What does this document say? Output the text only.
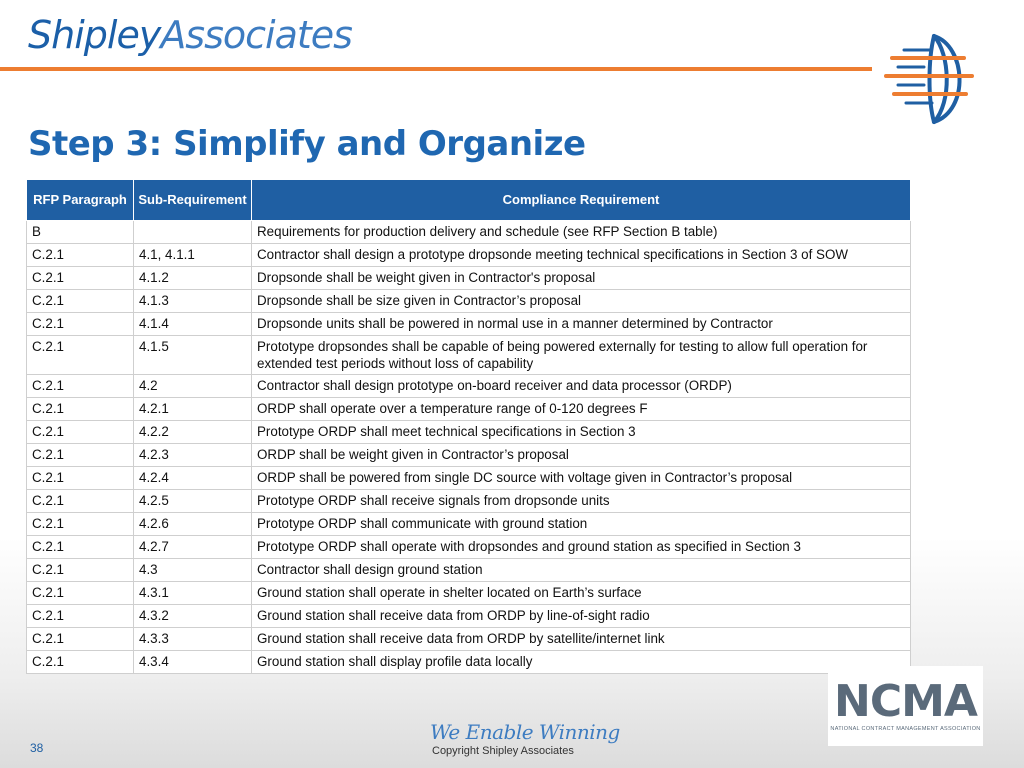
ShipleyAssociates
Step 3: Simplify and Organize
RFP Paragraph	Sub-Requirement	Compliance Requirement
B		Requirements for production delivery and schedule (see RFP Section B table)
C.2.1	4.1, 4.1.1	Contractor shall design a prototype dropsonde meeting technical specifications in Section 3 of SOW
C.2.1	4.1.2	Dropsonde shall be weight given in Contractor's proposal
C.2.1	4.1.3	Dropsonde shall be size given in Contractor’s proposal
C.2.1	4.1.4	Dropsonde units shall be powered in normal use in a manner determined by Contractor
C.2.1	4.1.5	Prototype dropsondes shall be capable of being powered externally for testing to allow full operation for extended test periods without loss of capability
C.2.1	4.2	Contractor shall design prototype on-board receiver and data processor (ORDP)
C.2.1	4.2.1	ORDP shall operate over a temperature range of 0-120 degrees F
C.2.1	4.2.2	Prototype ORDP shall meet technical specifications in Section 3
C.2.1	4.2.3	ORDP shall be weight given in Contractor’s proposal
C.2.1	4.2.4	ORDP shall be powered from single DC source with voltage given in Contractor’s proposal
C.2.1	4.2.5	Prototype ORDP shall receive signals from dropsonde units
C.2.1	4.2.6	Prototype ORDP shall communicate with ground station
C.2.1	4.2.7	Prototype ORDP shall operate with dropsondes and ground station as specified in Section 3
C.2.1	4.3	Contractor shall design ground station
C.2.1	4.3.1	Ground station shall operate in shelter located on Earth’s surface
C.2.1	4.3.2	Ground station shall receive data from ORDP by line-of-sight radio
C.2.1	4.3.3	Ground station shall receive data from ORDP by satellite/internet link
C.2.1	4.3.4	Ground station shall display profile data locally
38
We Enable Winning
Copyright Shipley Associates
NCMA
NATIONAL CONTRACT MANAGEMENT ASSOCIATION
